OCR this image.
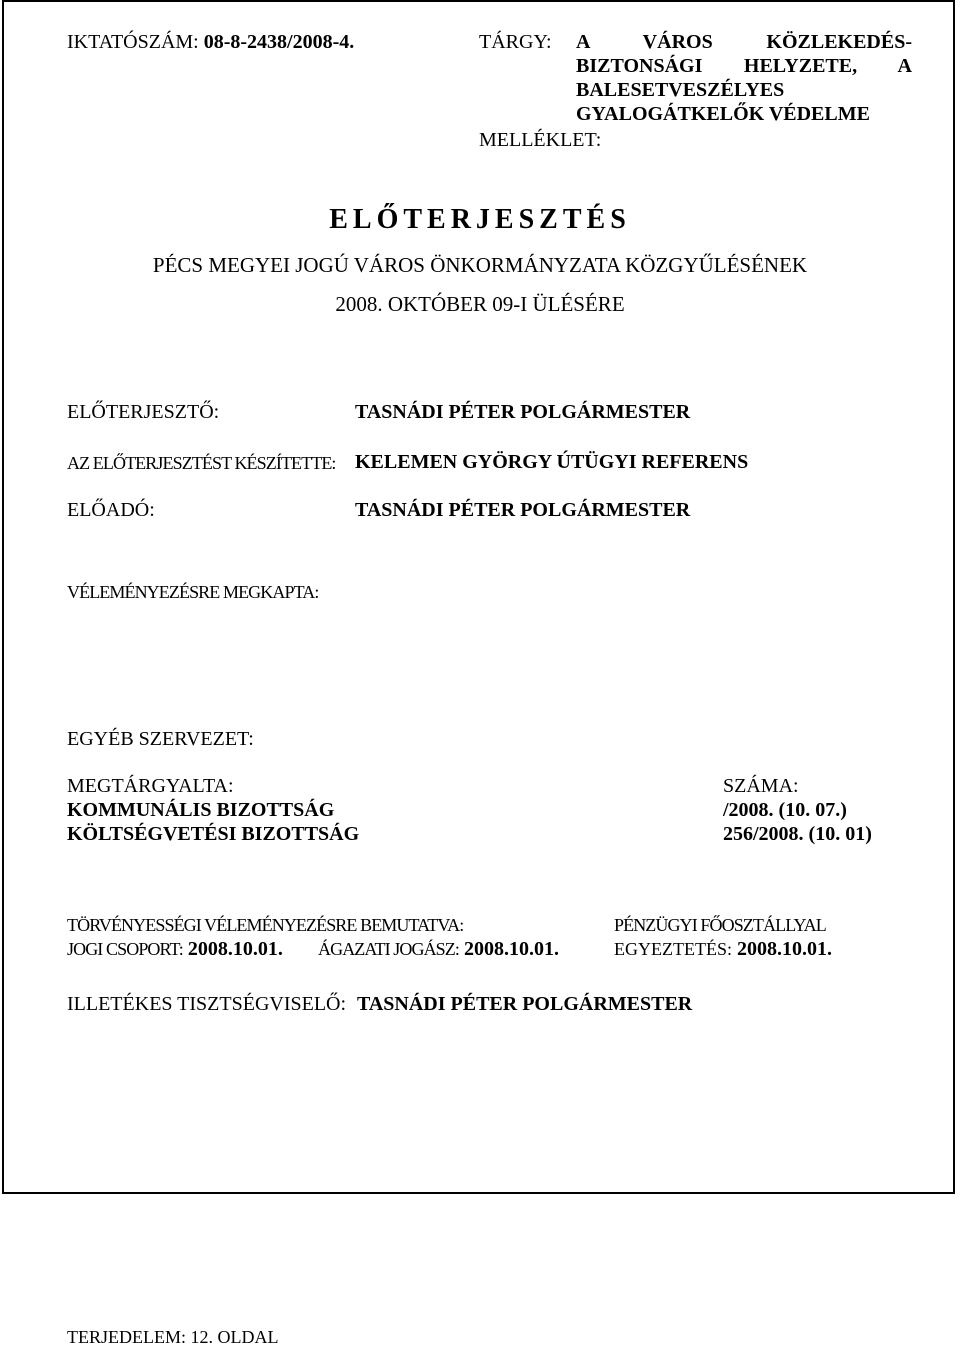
IKTATÓSZÁM: 08-8-2438/2008-4.	TÁRGY: A VÁROS KÖZLEKEDÉS-
BIZTONSÁGI HELYZETE, A
BALESETVESZÉLYES
GYALOGÁTKELŐK VÉDELME
MELLÉKLET:
ELŐTERJESZTÉS
PÉCS MEGYEI JOGÚ VÁROS ÖNKORMÁNYZATA KÖZGYŰLÉSÉNEK
2008. OKTÓBER 09-I ÜLÉSÉRE
ELŐTERJESZTŐ:	TASNÁDI PÉTER POLGÁRMESTER
AZ ELŐTERJESZTÉST KÉSZÍTETTE: KELEMEN GYÖRGY ÚTÜGYI REFERENS
ELŐADÓ:	TASNÁDI PÉTER POLGÁRMESTER
VÉLEMÉNYEZÉSRE MEGKAPTA:
EGYÉB SZERVEZET:
MEGTÁRGYALTA:	SZÁMA:
KOMMUNÁLIS BIZOTTSÁG	/2008. (10. 07.)
KÖLTSÉGVETÉSI BIZOTTSÁG	256/2008. (10. 01)
TÖRVÉNYESSÉGI VÉLEMÉNYEZÉSRE BEMUTATVA:	PÉNZÜGYI FŐOSZTÁLLYAL
JOGI CSOPORT: 2008.10.01. ÁGAZATI JOGÁSZ: 2008.10.01.	EGYEZTETÉS: 2008.10.01.
ILLETÉKES TISZTSÉGVISELŐ: TASNÁDI PÉTER POLGÁRMESTER
TERJEDELEM: 12. OLDAL
